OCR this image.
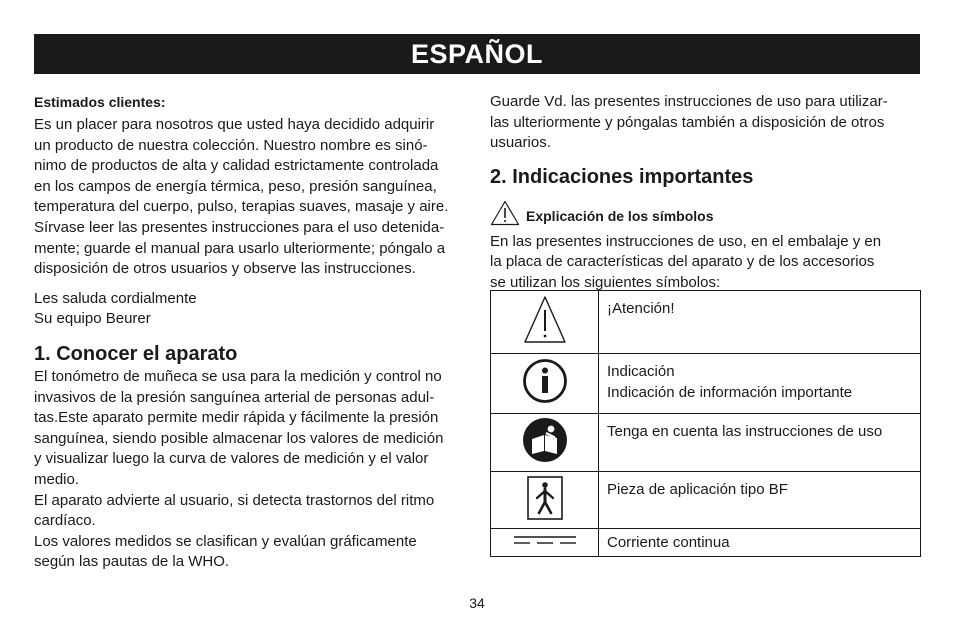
ESPAÑOL

Estimados clientes:

Es un placer para nosotros que usted haya decidido adquirir
un producto de nuestra colección. Nuestro nombre es sinó-
nimo de productos de alta y calidad estrictamente controlada
en los campos de energía térmica, peso, presión sanguínea,
temperatura del cuerpo, pulso, terapias suaves, masaje y aire.
Sírvase leer las presentes instrucciones para el uso detenida-
mente; guarde el manual para usarlo ulteriormente; póngalo a
disposición de otros usuarios y observe las instrucciones.

Les saluda cordialmente
Su equipo Beurer

1. Conocer el aparato

El tonómetro de muñeca se usa para la medición y control no
invasivos de la presión sanguínea arterial de personas adul-
tas.Este aparato permite medir rápida y fácilmente la presión
sanguínea, siendo posible almacenar los valores de medición
y visualizar luego la curva de valores de medición y el valor
medio.
El aparato advierte al usuario, si detecta trastornos del ritmo
cardíaco.
Los valores medidos se clasifican y evalúan gráficamente
según las pautas de la WHO.

Guarde Vd. las presentes instrucciones de uso para utilizar-
las ulteriormente y póngalas también a disposición de otros
usuarios.

2. Indicaciones importantes
Explicación de los símbolos

En las presentes instrucciones de uso, en el embalaje y en
la placa de características del aparato y de los accesorios
se utilizan los siguientes símbolos:

	¡Atención!
	Indicación
Indicación de información importante
	Tenga en cuenta las instrucciones de uso
	Pieza de aplicación tipo BF
	Corriente continua
34
